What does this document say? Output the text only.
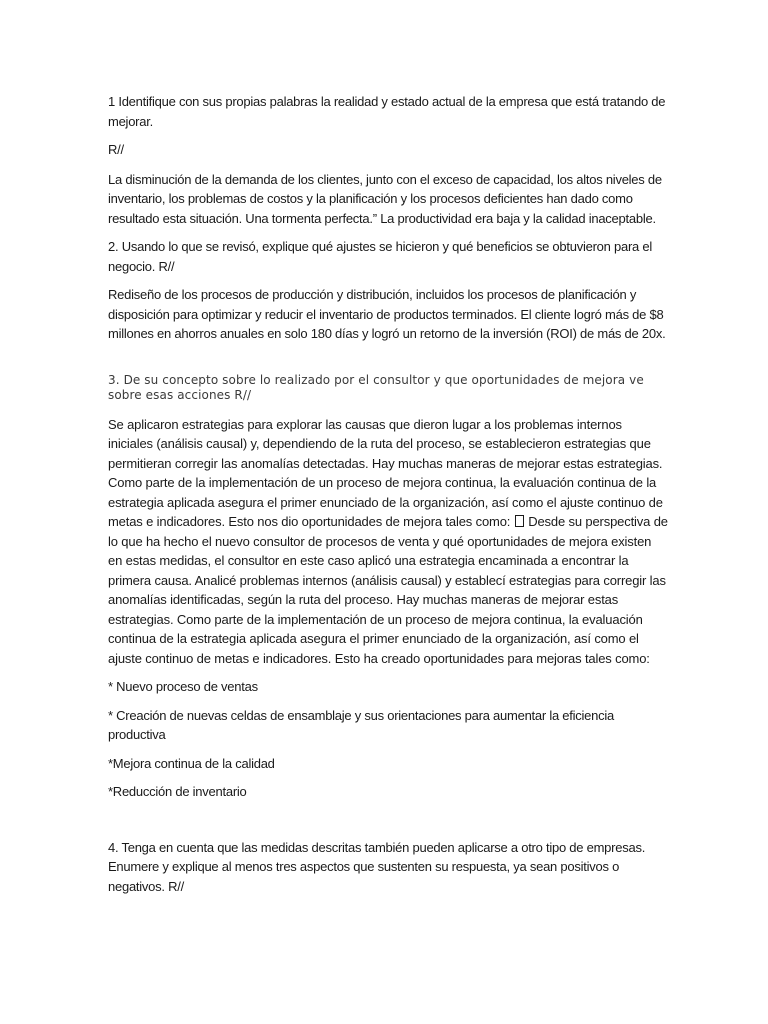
1 Identifique con sus propias palabras la realidad y estado actual de la empresa que está tratando de mejorar.

R//

La disminución de la demanda de los clientes, junto con el exceso de capacidad, los altos niveles de inventario, los problemas de costos y la planificación y los procesos deficientes han dado como resultado esta situación. Una tormenta perfecta.” La productividad era baja y la calidad inaceptable.

2. Usando lo que se revisó, explique qué ajustes se hicieron y qué beneficios se obtuvieron para el negocio. R//

Rediseño de los procesos de producción y distribución, incluidos los procesos de planificación y disposición para optimizar y reducir el inventario de productos terminados. El cliente logró más de $8 millones en ahorros anuales en solo 180 días y logró un retorno de la inversión (ROI) de más de 20x.

3. De su concepto sobre lo realizado por el consultor y que oportunidades de mejora ve sobre esas acciones R//

Se aplicaron estrategias para explorar las causas que dieron lugar a los problemas internos iniciales (análisis causal) y, dependiendo de la ruta del proceso, se establecieron estrategias que permitieran corregir las anomalías detectadas. Hay muchas maneras de mejorar estas estrategias. Como parte de la implementación de un proceso de mejora continua, la evaluación continua de la estrategia aplicada asegura el primer enunciado de la organización, así como el ajuste continuo de metas e indicadores. Esto nos dio oportunidades de mejora tales como: Desde su perspectiva de lo que ha hecho el nuevo consultor de procesos de venta y qué oportunidades de mejora existen en estas medidas, el consultor en este caso aplicó una estrategia encaminada a encontrar la primera causa. Analicé problemas internos (análisis causal) y establecí estrategias para corregir las anomalías identificadas, según la ruta del proceso. Hay muchas maneras de mejorar estas estrategias. Como parte de la implementación de un proceso de mejora continua, la evaluación continua de la estrategia aplicada asegura el primer enunciado de la organización, así como el ajuste continuo de metas e indicadores. Esto ha creado oportunidades para mejoras tales como:

* Nuevo proceso de ventas

* Creación de nuevas celdas de ensamblaje y sus orientaciones para aumentar la eficiencia productiva

*Mejora continua de la calidad

*Reducción de inventario

4. Tenga en cuenta que las medidas descritas también pueden aplicarse a otro tipo de empresas. Enumere y explique al menos tres aspectos que sustenten su respuesta, ya sean positivos o negativos. R//
